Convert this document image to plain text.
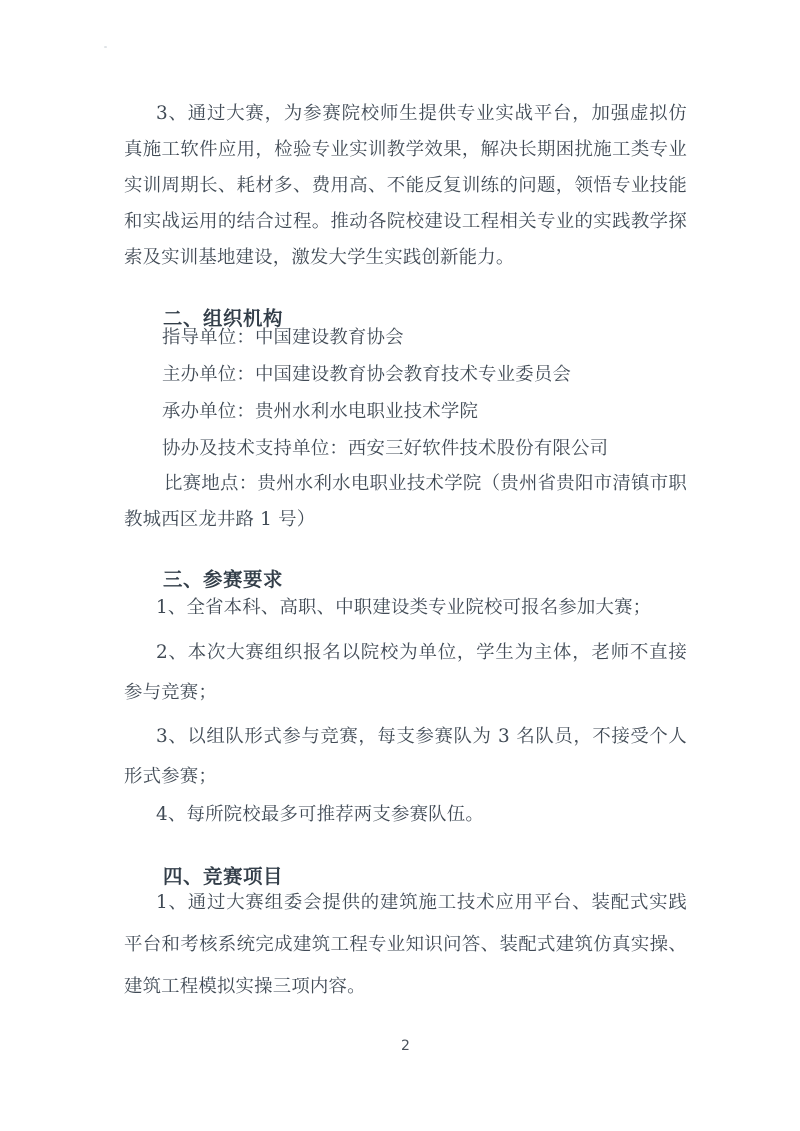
3、通过大赛，为参赛院校师生提供专业实战平台，加强虚拟仿
真施工软件应用，检验专业实训教学效果，解决长期困扰施工类专业
实训周期长、耗材多、费用高、不能反复训练的问题，领悟专业技能
和实战运用的结合过程。推动各院校建设工程相关专业的实践教学探
索及实训基地建设，激发大学生实践创新能力。
二、组织机构
指导单位：中国建设教育协会
主办单位：中国建设教育协会教育技术专业委员会
承办单位：贵州水利水电职业技术学院
协办及技术支持单位：西安三好软件技术股份有限公司
比赛地点：贵州水利水电职业技术学院（贵州省贵阳市清镇市职
教城西区龙井路 1 号）
三、参赛要求
1、全省本科、高职、中职建设类专业院校可报名参加大赛；
2、本次大赛组织报名以院校为单位，学生为主体，老师不直接
参与竞赛；
3、以组队形式参与竞赛，每支参赛队为 3 名队员，不接受个人
形式参赛；
4、每所院校最多可推荐两支参赛队伍。
四、竞赛项目
1、通过大赛组委会提供的建筑施工技术应用平台、装配式实践
平台和考核系统完成建筑工程专业知识问答、装配式建筑仿真实操、
建筑工程模拟实操三项内容。
2
